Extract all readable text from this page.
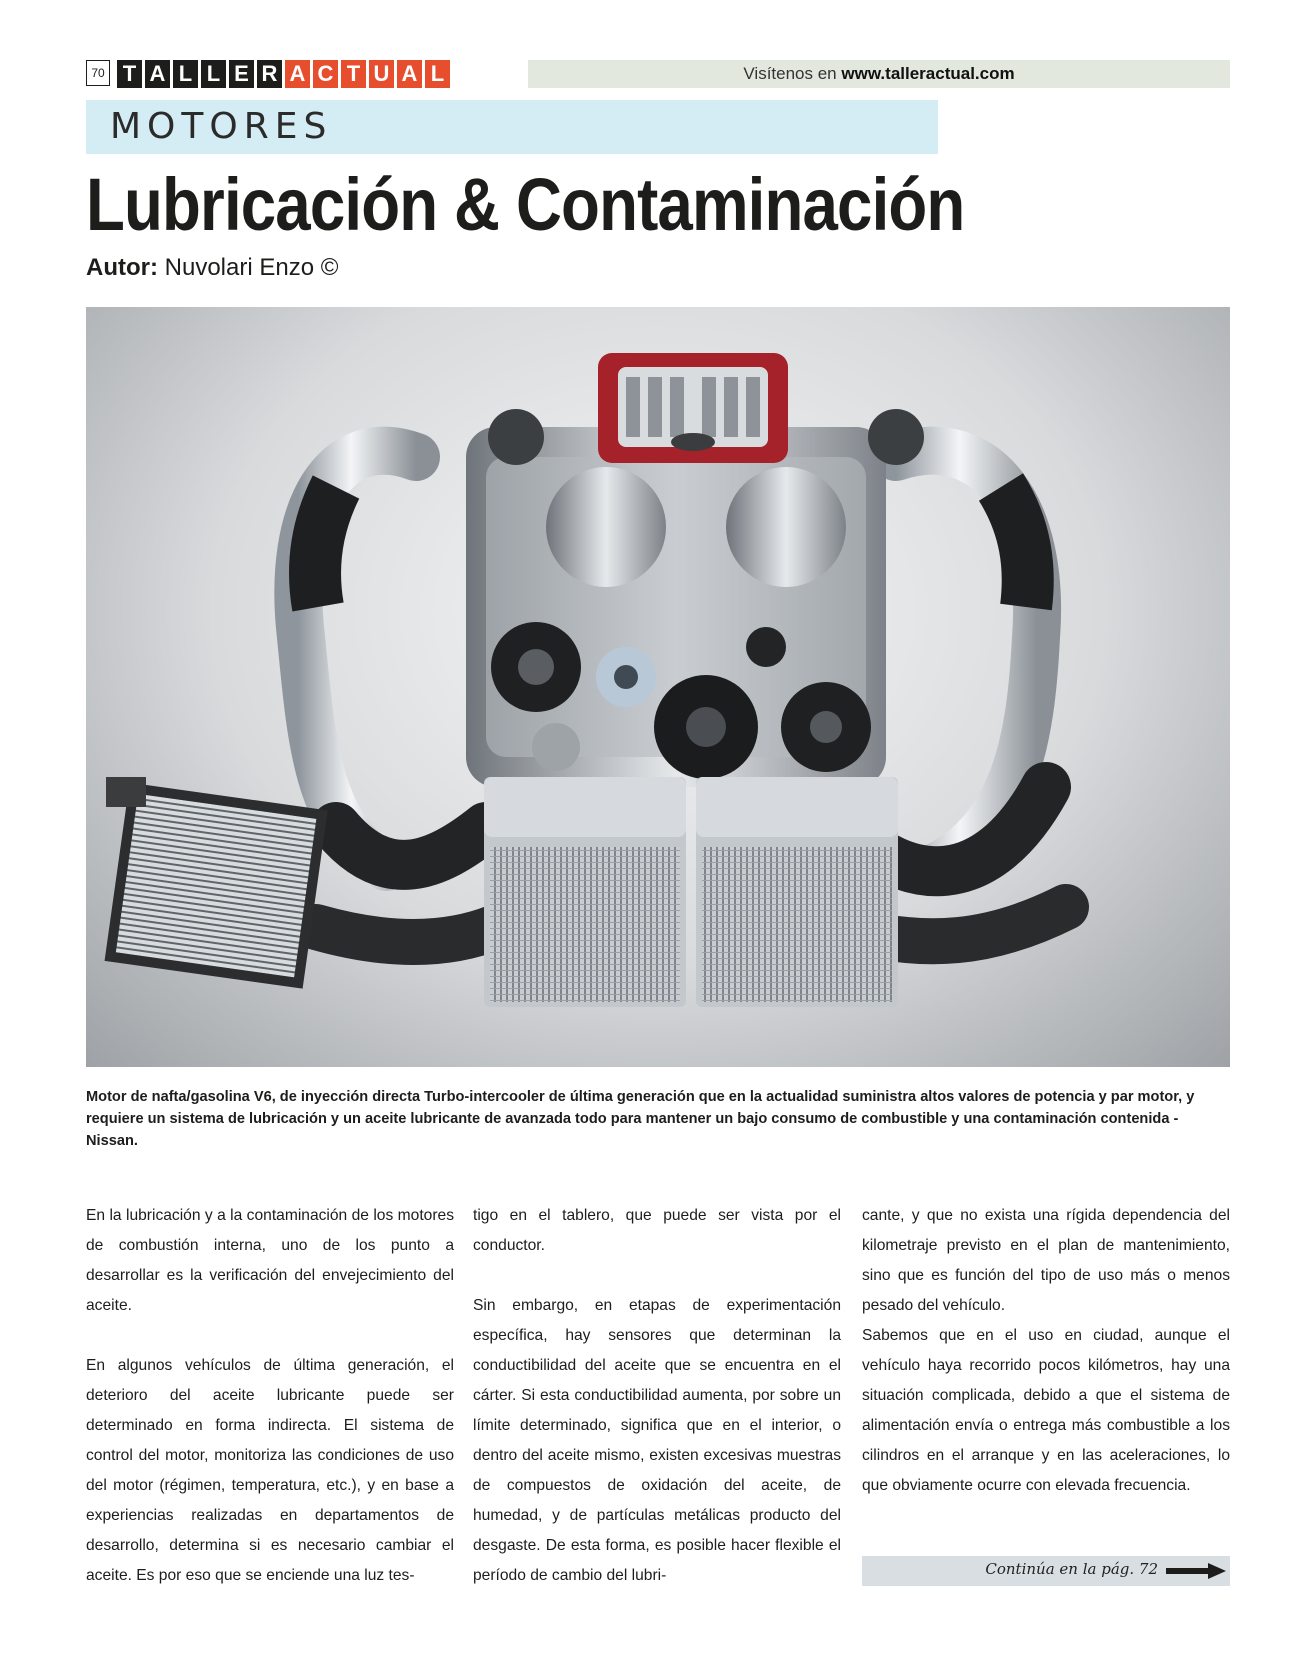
70 T A L L E R A C T U A L	Visítenos en www.talleractual.com
MOTORES
Lubricación & Contaminación
Autor: Nuvolari Enzo ©
Motor de nafta/gasolina V6, de inyección directa Turbo-intercooler de última generación que en la actualidad suministra altos valores de potencia y par motor, y requiere un sistema de lubricación y un aceite lubricante de avanzada todo para mantener un bajo consumo de combustible y una contaminación contenida - Nissan.

En la lubricación y a la contaminación de los motores de combustión interna, uno de los punto a desarrollar es la verificación del envejecimiento del aceite.

En algunos vehículos de última generación, el deterioro del aceite lubricante puede ser determinado en forma indirecta. El sistema de control del motor, monitoriza las condiciones de uso del motor (régimen, temperatura, etc.), y en base a experiencias realizadas en departamentos de desarrollo, determina si es necesario cambiar el aceite. Es por eso que se enciende una luz tes-

tigo en el tablero, que puede ser vista por el conductor.

Sin embargo, en etapas de experimentación específica, hay sensores que determinan la conductibilidad del aceite que se encuentra en el cárter. Si esta conductibilidad aumenta, por sobre un límite determinado, significa que en el interior, o dentro del aceite mismo, existen excesivas muestras de compuestos de oxidación del aceite, de humedad, y de partículas metálicas producto del desgaste. De esta forma, es posible hacer flexible el período de cambio del lubri-

cante, y que no exista una rígida dependencia del kilometraje previsto en el plan de mantenimiento, sino que es función del tipo de uso más o menos pesado del vehículo.

Sabemos que en el uso en ciudad, aunque el vehículo haya recorrido pocos kilómetros, hay una situación complicada, debido a que el sistema de alimentación envía o entrega más combustible a los cilindros en el arranque y en las aceleraciones, lo que obviamente ocurre con elevada frecuencia.

Continúa en la pág. 72
